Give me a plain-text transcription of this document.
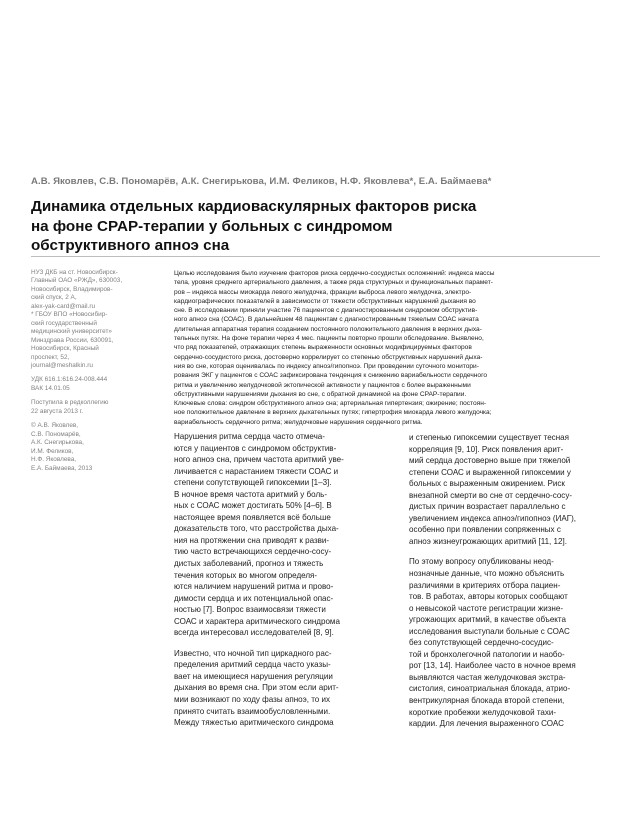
А.В. Яковлев, С.В. Пономарёв, А.К. Снегирькова, И.М. Феликов, Н.Ф. Яковлева*, Е.А. Баймаева*
Динамика отдельных кардиоваскулярных факторов риска
на фоне CPAP-терапии у больных с синдромом
обструктивного апноэ сна

НУЗ ДКБ на ст. Новосибирск-
Главный ОАО «РЖД», 630003,
Новосибирск, Владимиров-
ский спуск, 2 А,
alex-yak-card@mail.ru
* ГБОУ ВПО «Новосибир-
ский государственный
медицинский университет»
Минздрава России, 630091,
Новосибирск, Красный
проспект, 52,
journal@meshalkin.ru

УДК 616.1:616.24-008.444
ВАК 14.01.05

Поступила в редколлегию
22 августа 2013 г.

© А.В. Яковлев,
С.В. Пономарёв,
А.К. Снегирькова,
И.М. Феликов,
Н.Ф. Яковлева,
Е.А. Баймаева, 2013

Целью исследования было изучение факторов риска сердечно-сосудистых осложнений: индекса массы
тела, уровня среднего артериального давления, а также ряда структурных и функциональных парамет-
ров – индекса массы миокарда левого желудочка, фракции выброса левого желудочка, электро-
кардиографических показателей в зависимости от тяжести обструктивных нарушений дыхания во
сне. В исследовании приняли участие 76 пациентов с диагностированным синдромом обструктив-
ного апноэ сна (СОАС). В дальнейшем 48 пациентам с диагностированным тяжелым СОАС начата
длительная аппаратная терапия созданием постоянного положительного давления в верхних дыха-
тельных путях. На фоне терапии через 4 мес. пациенты повторно прошли обследование. Выявлено,
что ряд показателей, отражающих степень выраженности основных модифицируемых факторов
сердечно-сосудистого риска, достоверно коррелирует со степенью обструктивных нарушений дыха-
ния во сне, которая оценивалась по индексу апноэ/гипопноэ. При проведении суточного монитори-
рования ЭКГ у пациентов с СОАС зафиксирована тенденция к снижению вариабельности сердечного
ритма и увеличению желудочковой эктопической активности у пациентов с более выраженными
обструктивными нарушениями дыхания во сне, с обратной динамикой на фоне CPAP-терапии.
Ключевые слова: синдром обструктивного апноэ сна; артериальная гипертензия; ожирение; постоян-
ное положительное давление в верхних дыхательных путях; гипертрофия миокарда левого желудочка;
вариабельность сердечного ритма; желудочковые нарушения сердечного ритма.

Нарушения ритма сердца часто отмеча-
ются у пациентов с синдромом обструктив-
ного апноэ сна, причем частота аритмий уве-
личивается с нарастанием тяжести СОАС и
степени сопутствующей гипоксемии [1–3].
В ночное время частота аритмий у боль-
ных с СОАС может достигать 50% [4–6]. В
настоящее время появляется всё больше
доказательств того, что расстройства дыха-
ния на протяжении сна приводят к разви-
тию часто встречающихся сердечно-сосу-
дистых заболеваний, прогноз и тяжесть
течения которых во многом определя-
ются наличием нарушений ритма и прово-
димости сердца и их потенциальной опас-
ностью [7]. Вопрос взаимосвязи тяжести
СОАС и характера аритмического синдрома
всегда интересовал исследователей [8, 9].

Известно, что ночной тип циркадного рас-
пределения аритмий сердца часто указы-
вает на имеющиеся нарушения регуляции
дыхания во время сна. При этом если арит-
мии возникают по ходу фазы апноэ, то их
принято считать взаимообусловленными.
Между тяжестью аритмического синдрома

и степенью гипоксемии существует тесная
корреляция [9, 10]. Риск появления арит-
мий сердца достоверно выше при тяжелой
степени СОАС и выраженной гипоксемии у
больных с выраженным ожирением. Риск
внезапной смерти во сне от сердечно-сосу-
дистых причин возрастает параллельно с
увеличением индекса апноэ/гипопноэ (ИАГ),
особенно при появлении сопряженных с
апноэ жизнеугрожающих аритмий [11, 12].

По этому вопросу опубликованы неод-
нозначные данные, что можно объяснить
различиями в критериях отбора пациен-
тов. В работах, авторы которых сообщают
о невысокой частоте регистрации жизне-
угрожающих аритмий, в качестве объекта
исследования выступали больные с СОАС
без сопутствующей сердечно-сосудис-
той и бронхолегочной патологии и наобо-
рот [13, 14]. Наиболее часто в ночное время
выявляются частая желудочковая экстра-
систолия, синоатриальная блокада, атрио-
вентрикулярная блокада второй степени,
короткие пробежки желудочковой тахи-
кардии. Для лечения выраженного СОАС
